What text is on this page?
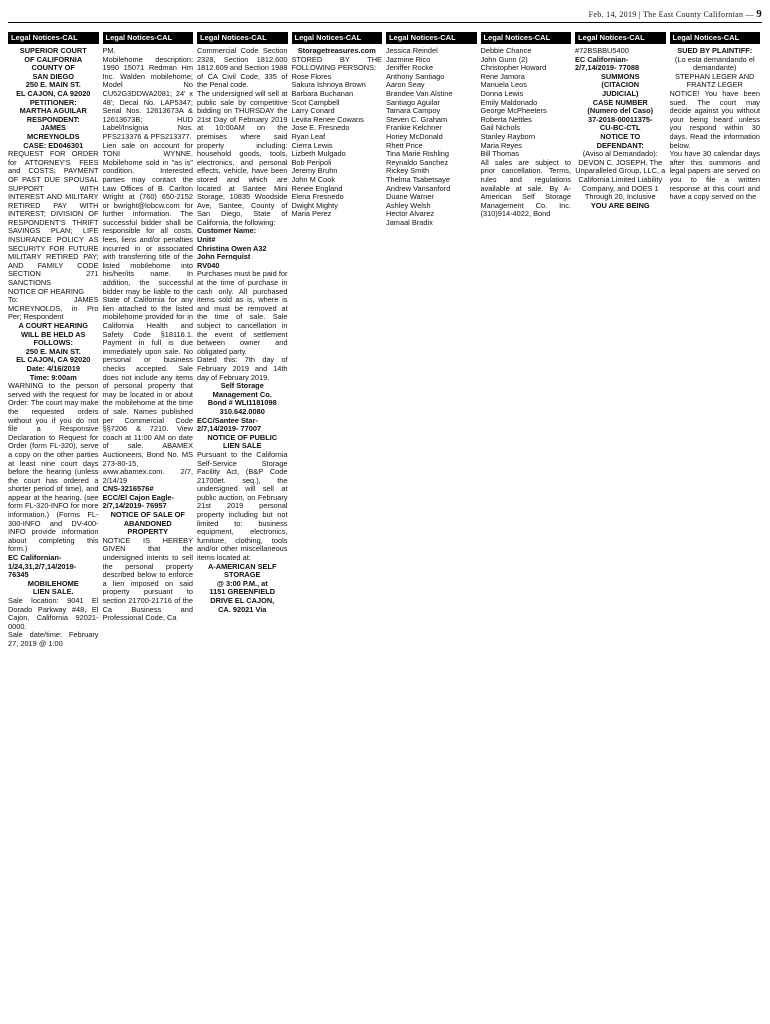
Feb. 14, 2019 | The East County Californian — 9
Legal Notices-CAL
SUPERIOR COURT
OF CALIFORNIA
COUNTY OF
SAN DIEGO
250 E. MAIN ST.
EL CAJON, CA 92020
PETITIONER:
MARTHA AGUILAR
RESPONDENT:
JAMES
MCREYNOLDS
CASE: ED046301
REQUEST FOR ORDER for ATTORNEY'S FEES and COSTS; PAYMENT OF PAST DUE SPOUSAL SUPPORT WITH INTEREST AND MILITARY RETIRED PAY WITH INTEREST; DIVISION OF RESPONDENT'S THRIFT SAVINGS PLAN; LIFE INSURANCE POLICY AS SECURITY FOR FUTURE MILITARY RETIRED PAY; AND FAMILY CODE SECTION 271 SANCTIONS
NOTICE OF HEARING
To: JAMES MCREYNOLDS, in Pro Per; Respondent
A COURT HEARING
WILL BE HELD AS
FOLLOWS:
250 E. MAIN ST.
EL CAJON, CA 92020
Date: 4/16/2019
Time: 9:00am
WARNING to the person served with the request for Order: The court may make the requested orders without you if you do not file a Responsive Declaration to Request for Order (form FL-320), serve a copy on the other parties at least nine court days before the hearing (unless the court has ordered a shorter period of time), and appear at the hearing. (see form FL-320-INFO for more information.) (Forms FL-300-INFO and DV-400-INFO provide information about completing this form.)
EC Californian-
1/24,31,2/7,14/2019-
76345
MOBILEHOME
LIEN SALE.
Sale location: 9041 El Dorado Parkway #48, El Cajon, California 92021-0000.
Sale date/time: February 27, 2019 @ 1:00
Legal Notices-CAL
PM.
Mobilehome description: 1990 15071 Redman Hm Inc. Walden mobilehome; Model No CU52G3DDWA2081; 24' x 48'; Decal No. LAP5347; Serial Nos. 12613673A & 12613673B; HUD Label/Insignia Nos. PFS213376 & PFS213377.
Lien sale on account for TONI WYNNE. Mobilehome sold in "as is" condition. Interested parties may contact the Law Offices of B. Carlton Wright at (760) 650-2152 or bwright@lobcw.com for further information. The successful bidder shall be responsible for all costs, fees, liens and/or penalties incurred in or associated with transferring title of the listed mobilehome into his/her/its name. In addition, the successful bidder may be liable to the State of California for any lien attached to the listed mobilehome provided for in California Health and Safety Code §18116.1. Payment in full is due immediately upon sale. No personal or business checks accepted. Sale does not include any items of personal property that may be located in or about the mobilehome at the time of sale. Names published per Commercial Code §§7206 & 7210. View coach at 11:00 AM on date of sale. ABAMEX Auctioneers, Bond No. MS 273-80-15, www.abamex.com. 2/7, 2/14/19
CNS-3216576#
ECC/El Cajon Eagle-
2/7,14/2019- 76957
NOTICE OF SALE OF
ABANDONED
PROPERTY
NOTICE IS HEREBY GIVEN that the undersigned intents to sell the personal property described below to enforce a lien imposed on said property pursuant to section 21700-21716 of the Ca Business and Professional Code, Ca
Legal Notices-CAL
Commercial Code Section 2328, Section 1812.600 1812.609 and Section 1988 of CA Civil Code, 335 of the Penal code.
The undersigned will sell at public sale by competitive bidding on THURSDAY the 21st Day of February 2019 at 10:00AM on the premises where said property including: household goods, tools, electronics, and personal effects, vehicle, have been stored and which are located at Santee Mini Storage, 10835 Woodside Ave, Santee, County of San Diego, State of California, the following:
Customer Name:
Unit#
Christina Owen A32
John Fernquist
RV040
Purchases must be paid for at the time of purchase in cash only. All purchased items sold as is, where is and must be removed at the time of sale. Sale subject to cancellation in the event of settlement between owner and obligated party.
Dated this: 7th day of February 2019 and 14th day of February 2019.
Self Storage
Management Co.
Bond # WLI1181098
310.642.0080
ECC/Santee Star-
2/7,14/2019- 77007
NOTICE OF PUBLIC
LIEN SALE
Pursuant to the California Self-Service Storage Facility Act, (B&P Code 21700et. seq.), the undersigned will sell at public auction, on February 21st 2019 personal property including but not limited to: business equipment, electronics, furniture, clothing, tools and/or other miscellaneous items located at:
A-AMERICAN SELF
STORAGE
@ 3:00 P.M., at
1151 GREENFIELD
DRIVE EL CAJON,
CA. 92021 Via
Legal Notices-CAL
Storagetreasures.com
STORED BY THE FOLLOWING PERSONS:
Rose Flores
Sakura Ishnoya Brown
Barbara Buchanan
Scot Campbell
Larry Conard
Levita Renee Cowans
Jose E. Fresnedo
Ryan Leaf
Cierra Lewis
Lizbeth Mulgado
Bob Peripoli
Jeremy Bruhn
John M Cook
Renee England
Elena Fresnedo
Dwight Mighty
Maria Perez
Legal Notices-CAL
Jessica Reindel
Jazmine Rico
Jeniffer Rocke
Anthony Santiago
Aaron Seay
Brandee Van Alstine
Santiago Aguilar
Tamara Campoy
Steven C. Graham
Frankie Kelchner
Honey McDonald
Rhett Price
Tina Marie Rishling
Reynaldo Sanchez
Rickey Smith
Thelma Tsabetsaye
Andrew Vansanford
Duane Warner
Ashley Welsh
Hector Alvarez
Jamaal Bradix
Legal Notices-CAL
Debbie Chance
John Gunn (2)
Christopher Howard
Rene Jamora
Manuela Leos
Donna Lewis
Emily Maldonado
George McPheeters
Roberta Nettles
Gail Nichols
Stanley Rayborn
Maria Reyes
Bill Thomas
All sales are subject to prior cancellation. Terms, rules and regulations available at sale. By A-American Self Storage Management Co. Inc. (310)914-4022, Bond
Legal Notices-CAL
#72BSBBU5400
EC Californian-
2/7,14/2019- 77088
SUMMONS
(CITACION
JUDICIAL)
CASE NUMBER
(Numero del Caso)
37-2018-00011375-
CU-BC-CTL
NOTICE TO
DEFENDANT:
(Aviso al Demandado):
DEVON C. JOSEPH, The Unparalleled Group, LLC, a California Limited Liability Company, and DOES 1 Through 20, Inclusive
YOU ARE BEING
Legal Notices-CAL
SUED BY PLAINTIFF:
(Lo esta demandando el demandante)
STEPHAN LEGER AND FRANTZ LEGER
NOTICE! You have been sued. The court may decide against you without your being heard unless you respond within 30 days. Read the information below.
You have 30 calendar days after this summons and legal papers are served on you to file a written response at this court and have a copy served on the
